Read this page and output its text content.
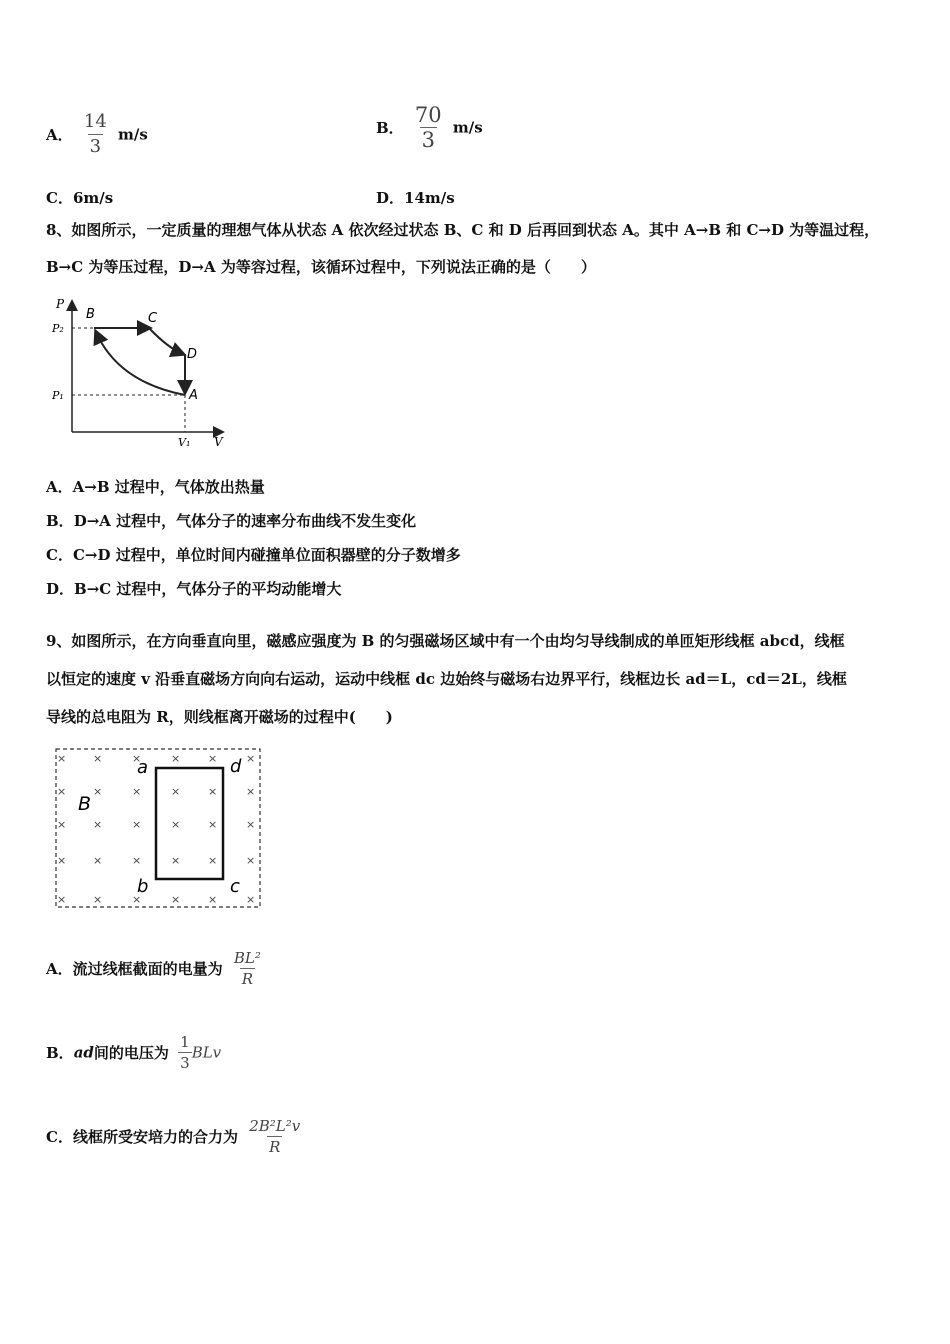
A． $\frac{14}{3} m/s$	B． $\frac{70}{3} m/s$
C．6m/s	D．14m/s
8、如图所示，一定质量的理想气体从状态 A 依次经过状态 B、C 和 D 后再回到状态 A。其中 A→B 和 C→D 为等温过程，
B→C 为等压过程，D→A 为等容过程，该循环过程中，下列说法正确的是（　　）
P
V
P₂
P₁
V₁
B	C
D
A
A．A→B 过程中，气体放出热量
B．D→A 过程中，气体分子的速率分布曲线不发生变化
C．C→D 过程中，单位时间内碰撞单位面积器壁的分子数增多
D．B→C 过程中，气体分子的平均动能增大
9、如图所示，在方向垂直向里，磁感应强度为 B 的匀强磁场区域中有一个由均匀导线制成的单匝矩形线框 abcd，线框
以恒定的速度 v 沿垂直磁场方向向右运动，运动中线框 dc 边始终与磁场右边界平行，线框边长 ad＝L，cd＝2L，线框
导线的总电阻为 R，则线框离开磁场的过程中(　　)
× ×	×	×	×	×
× ×	×	×	×	×
× ×	×	×	×	×
× ×	×	×	×	×
× ×	×	×	×	×
B
a	d
b	c
A．流过线框截面的电量为 $\frac{\text{BL²}}{R}$
B．ad间的电压为 $\frac{1}{3}$ BLv
C．线框所受安培力的合力为 $\frac{\text{2B²L²v}}{R}$
